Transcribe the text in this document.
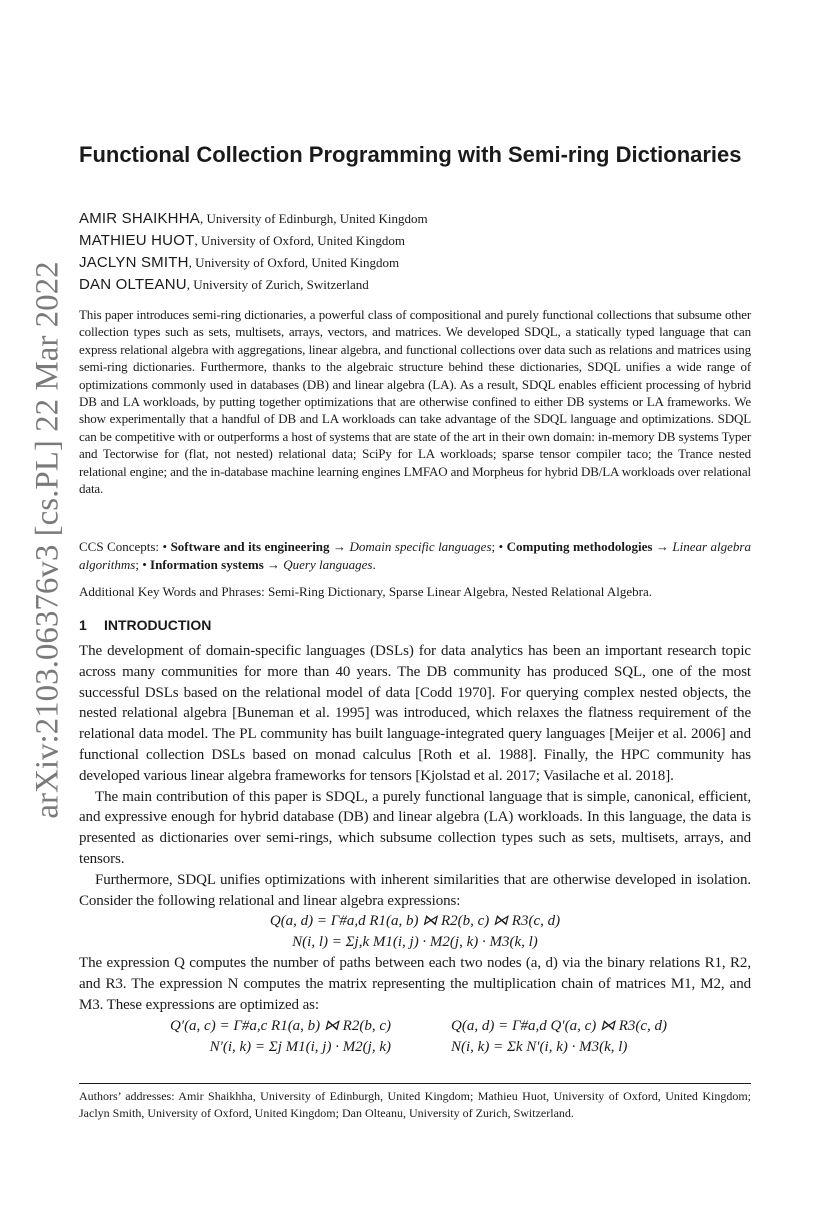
arXiv:2103.06376v3 [cs.PL] 22 Mar 2022
Functional Collection Programming with Semi-ring Dictionaries
AMIR SHAIKHHA, University of Edinburgh, United Kingdom
MATHIEU HUOT, University of Oxford, United Kingdom
JACLYN SMITH, University of Oxford, United Kingdom
DAN OLTEANU, University of Zurich, Switzerland

This paper introduces semi-ring dictionaries, a powerful class of compositional and purely functional collections that subsume other collection types such as sets, multisets, arrays, vectors, and matrices. We developed SDQL, a statically typed language that can express relational algebra with aggregations, linear algebra, and functional collections over data such as relations and matrices using semi-ring dictionaries. Furthermore, thanks to the algebraic structure behind these dictionaries, SDQL unifies a wide range of optimizations commonly used in databases (DB) and linear algebra (LA). As a result, SDQL enables efficient processing of hybrid DB and LA workloads, by putting together optimizations that are otherwise confined to either DB systems or LA frameworks. We show experimentally that a handful of DB and LA workloads can take advantage of the SDQL language and optimizations. SDQL can be competitive with or outperforms a host of systems that are state of the art in their own domain: in-memory DB systems Typer and Tectorwise for (flat, not nested) relational data; SciPy for LA workloads; sparse tensor compiler taco; the Trance nested relational engine; and the in-database machine learning engines LMFAO and Morpheus for hybrid DB/LA workloads over relational data.

CCS Concepts: • Software and its engineering → Domain specific languages; • Computing methodologies → Linear algebra algorithms; • Information systems → Query languages.

Additional Key Words and Phrases: Semi-Ring Dictionary, Sparse Linear Algebra, Nested Relational Algebra.

1 INTRODUCTION

The development of domain-specific languages (DSLs) for data analytics has been an important research topic across many communities for more than 40 years. The DB community has produced SQL, one of the most successful DSLs based on the relational model of data [Codd 1970]. For querying complex nested objects, the nested relational algebra [Buneman et al. 1995] was introduced, which relaxes the flatness requirement of the relational data model. The PL community has built language-integrated query languages [Meijer et al. 2006] and functional collection DSLs based on monad calculus [Roth et al. 1988]. Finally, the HPC community has developed various linear algebra frameworks for tensors [Kjolstad et al. 2017; Vasilache et al. 2018].

The main contribution of this paper is SDQL, a purely functional language that is simple, canonical, efficient, and expressive enough for hybrid database (DB) and linear algebra (LA) workloads. In this language, the data is presented as dictionaries over semi-rings, which subsume collection types such as sets, multisets, arrays, and tensors.

Furthermore, SDQL unifies optimizations with inherent similarities that are otherwise developed in isolation. Consider the following relational and linear algebra expressions:

Q(a, d) = Γ#a,d R1(a, b) ⋈ R2(b, c) ⋈ R3(c, d)
N(i, l) = Σj,k M1(i, j) · M2(j, k) · M3(k, l)

The expression Q computes the number of paths between each two nodes (a, d) via the binary relations R1, R2, and R3. The expression N computes the matrix representing the multiplication chain of matrices M1, M2, and M3. These expressions are optimized as:

Q′(a, c) = Γ#a,c R1(a, b) ⋈ R2(b, c)	Q(a, d) = Γ#a,d Q′(a, c) ⋈ R3(c, d)
N′(i, k) = Σj M1(i, j) · M2(j, k)	N(i, k) = Σk N′(i, k) · M3(k, l)

Authors’ addresses: Amir Shaikhha, University of Edinburgh, United Kingdom; Mathieu Huot, University of Oxford, United Kingdom; Jaclyn Smith, University of Oxford, United Kingdom; Dan Olteanu, University of Zurich, Switzerland.
